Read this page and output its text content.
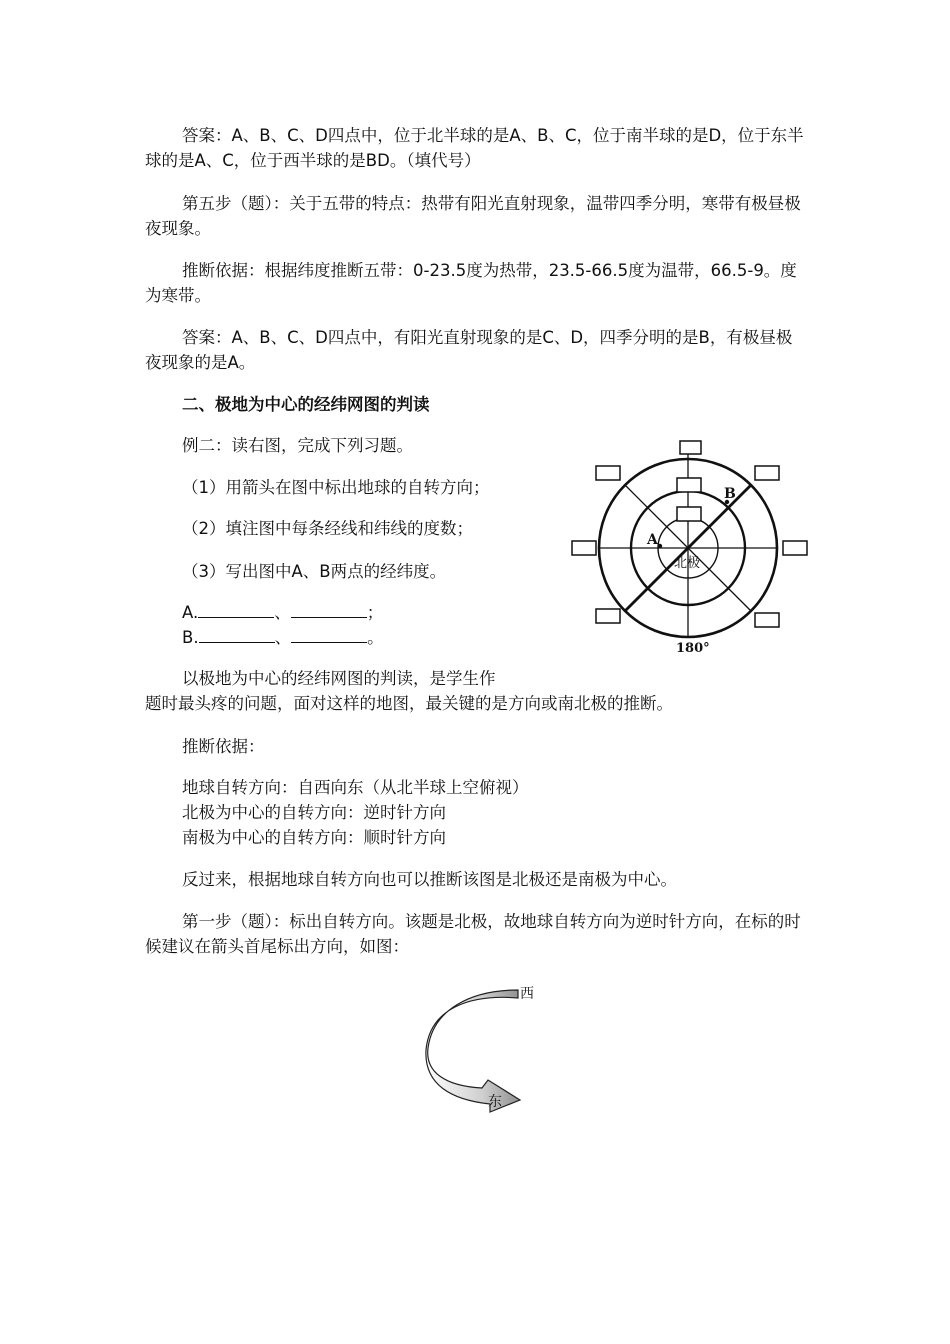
答案：A、B、C、D四点中，位于北半球的是A、B、C，位于南半球的是D，位于东半球的是A、C，位于西半球的是BD。（填代号）

第五步（题）：关于五带的特点：热带有阳光直射现象，温带四季分明，寒带有极昼极夜现象。

推断依据：根据纬度推断五带：0-23.5度为热带，23.5-66.5度为温带，66.5-9。度为寒带。

答案：A、B、C、D四点中，有阳光直射现象的是C、D，四季分明的是B，有极昼极夜现象的是A。

二、极地为中心的经纬网图的判读

例二：读右图，完成下列习题。

（1）用箭头在图中标出地球的自转方向；

（2）填注图中每条经线和纬线的度数；

（3）写出图中A、B两点的经纬度。

A.	、	；

B.	、	。

A
B
北极
180°

以极地为中心的经纬网图的判读，是学生作

题时最头疼的问题，面对这样的地图，最关键的是方向或南北极的推断。

推断依据：

地球自转方向：自西向东（从北半球上空俯视）

北极为中心的自转方向：逆时针方向

南极为中心的自转方向：顺时针方向

反过来，根据地球自转方向也可以推断该图是北极还是南极为中心。

第一步（题）：标出自转方向。该题是北极，故地球自转方向为逆时针方向，在标的时候建议在箭头首尾标出方向，如图：

西
东
